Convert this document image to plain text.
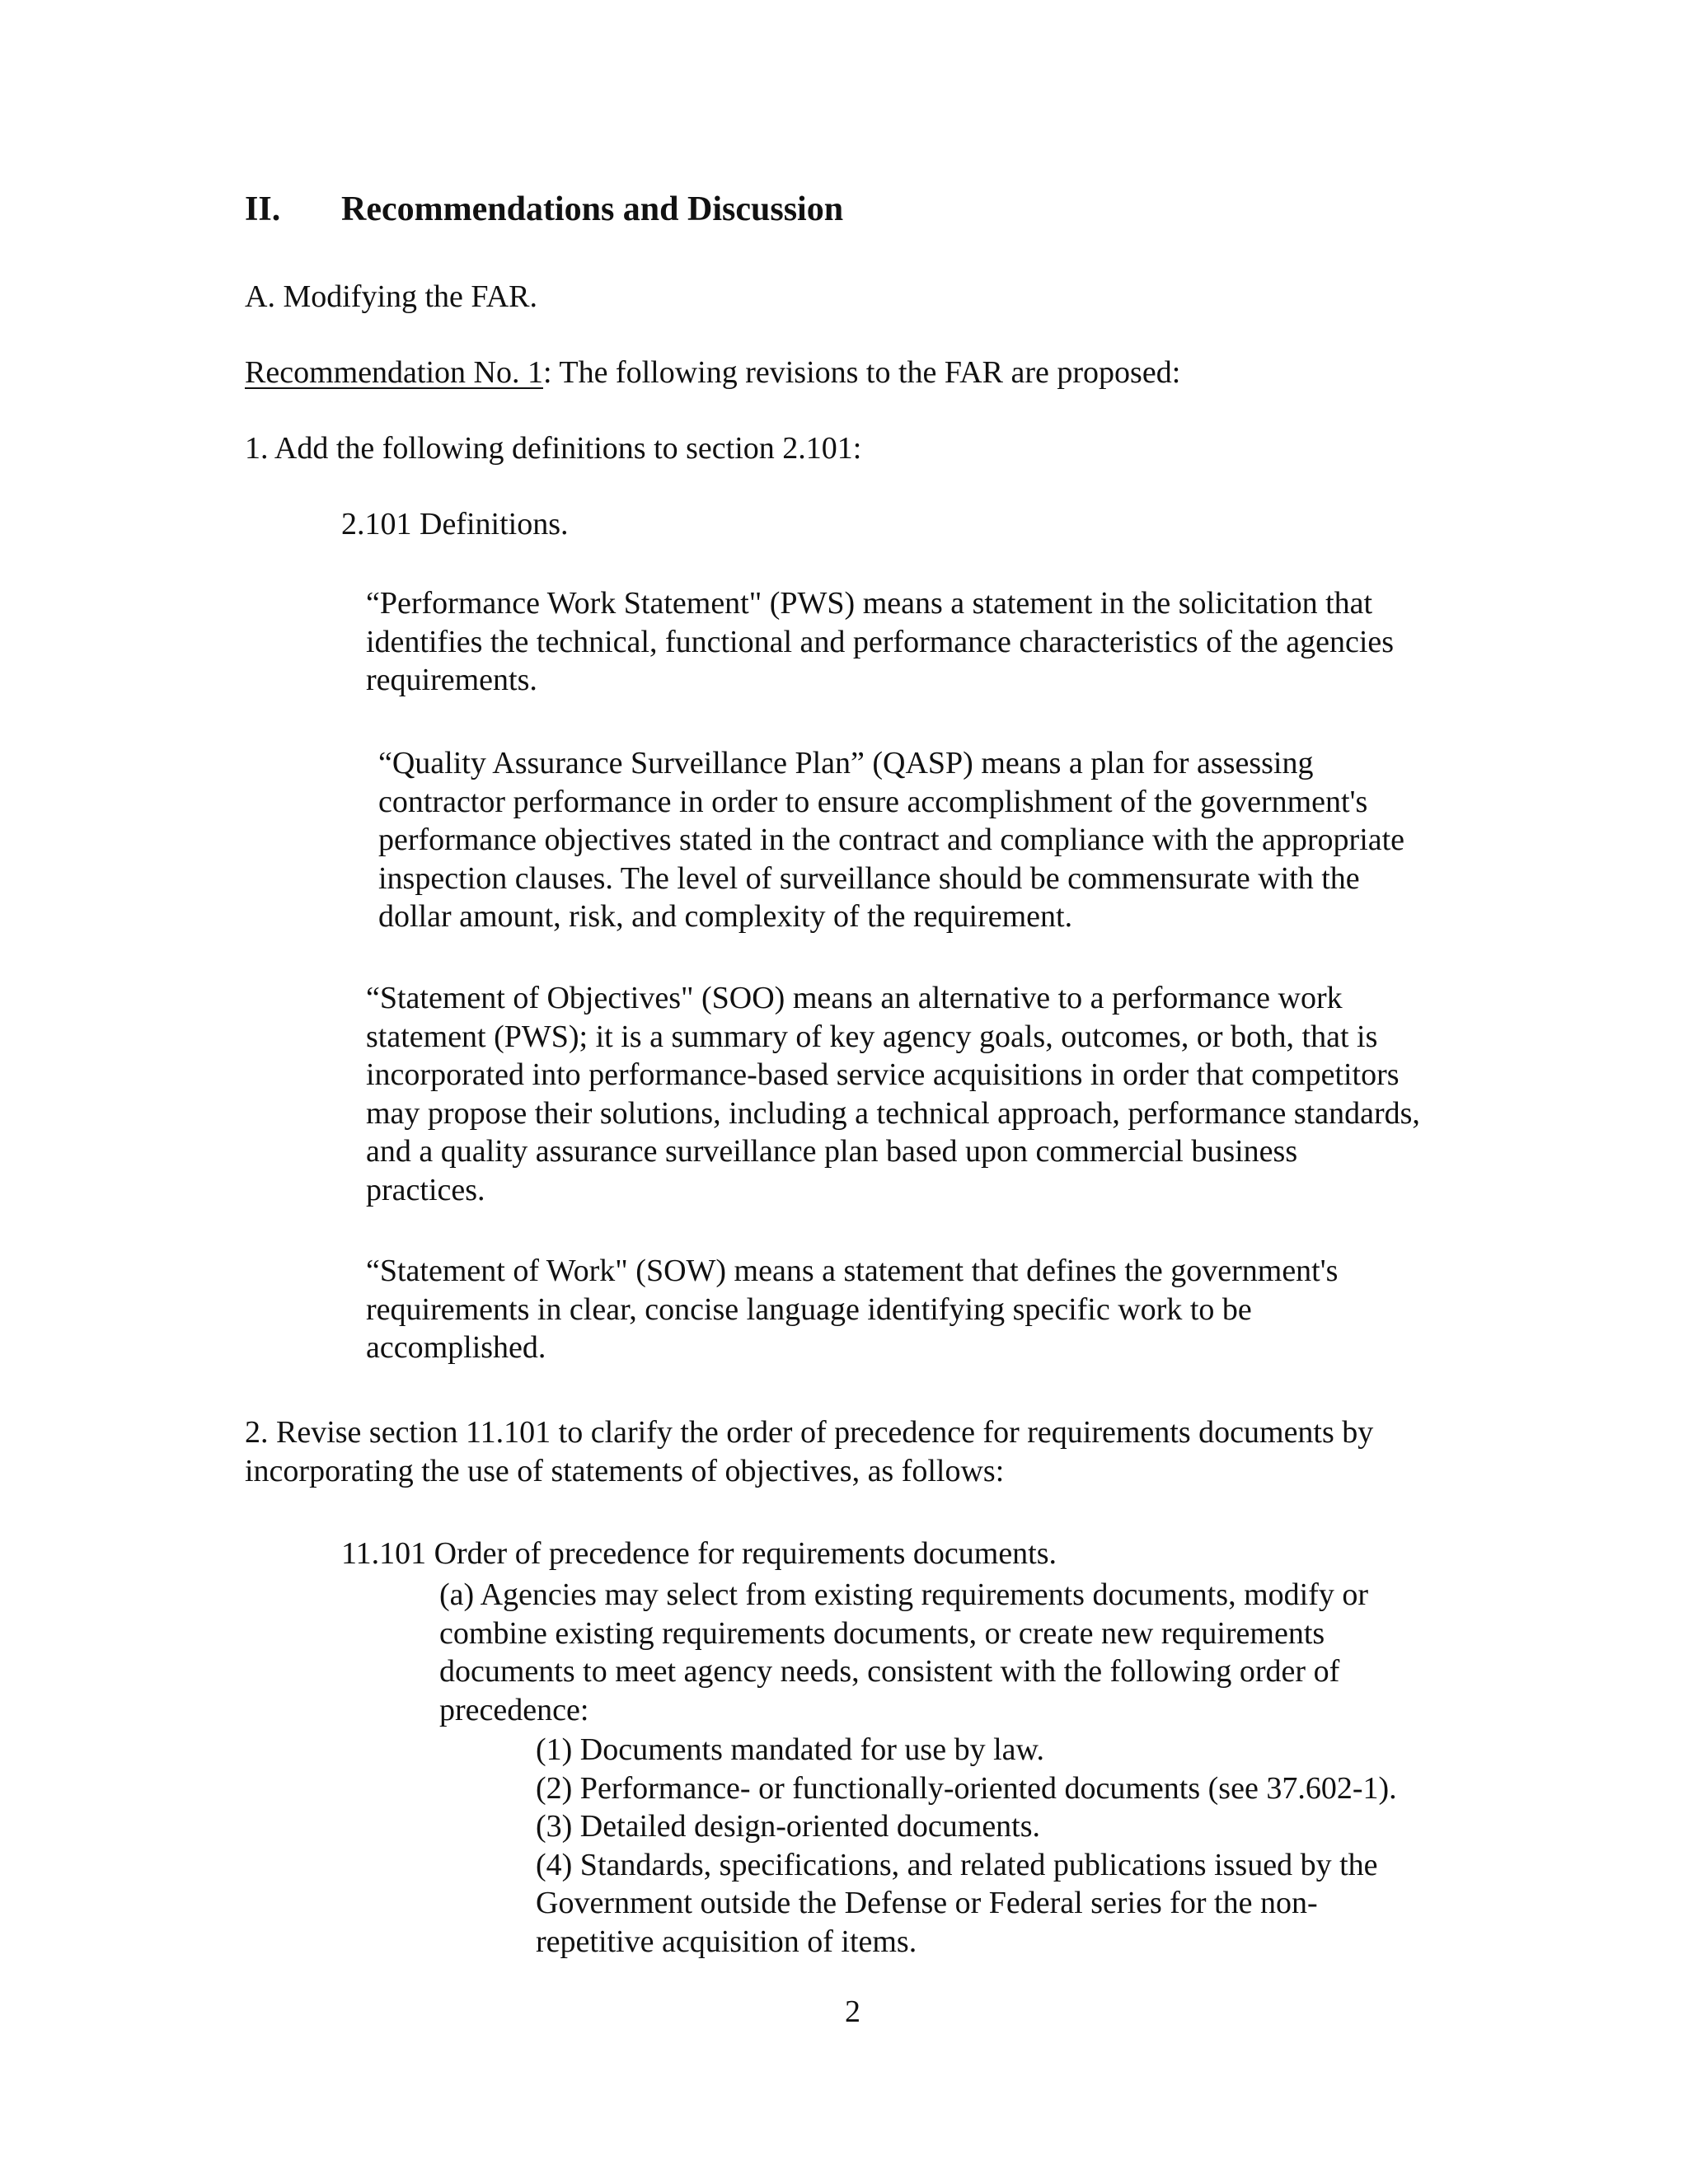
II. Recommendations and Discussion
A. Modifying the FAR.
Recommendation No. 1: The following revisions to the FAR are proposed:
1. Add the following definitions to section 2.101:
2.101 Definitions.
“Performance Work Statement" (PWS) means a statement in the solicitation that
identifies the technical, functional and performance characteristics of the agencies
requirements.
“Quality Assurance Surveillance Plan” (QASP) means a plan for assessing
contractor performance in order to ensure accomplishment of the government's
performance objectives stated in the contract and compliance with the appropriate
inspection clauses. The level of surveillance should be commensurate with the
dollar amount, risk, and complexity of the requirement.
“Statement of Objectives" (SOO) means an alternative to a performance work
statement (PWS); it is a summary of key agency goals, outcomes, or both, that is
incorporated into performance-based service acquisitions in order that competitors
may propose their solutions, including a technical approach, performance standards,
and a quality assurance surveillance plan based upon commercial business
practices.
“Statement of Work" (SOW) means a statement that defines the government's
requirements in clear, concise language identifying specific work to be
accomplished.
2. Revise section 11.101 to clarify the order of precedence for requirements documents by
incorporating the use of statements of objectives, as follows:
11.101 Order of precedence for requirements documents.
(a) Agencies may select from existing requirements documents, modify or
combine existing requirements documents, or create new requirements
documents to meet agency needs, consistent with the following order of
precedence:
(1) Documents mandated for use by law.
(2) Performance- or functionally-oriented documents (see 37.602-1).
(3) Detailed design-oriented documents.
(4) Standards, specifications, and related publications issued by the
Government outside the Defense or Federal series for the non-
repetitive acquisition of items.
2
